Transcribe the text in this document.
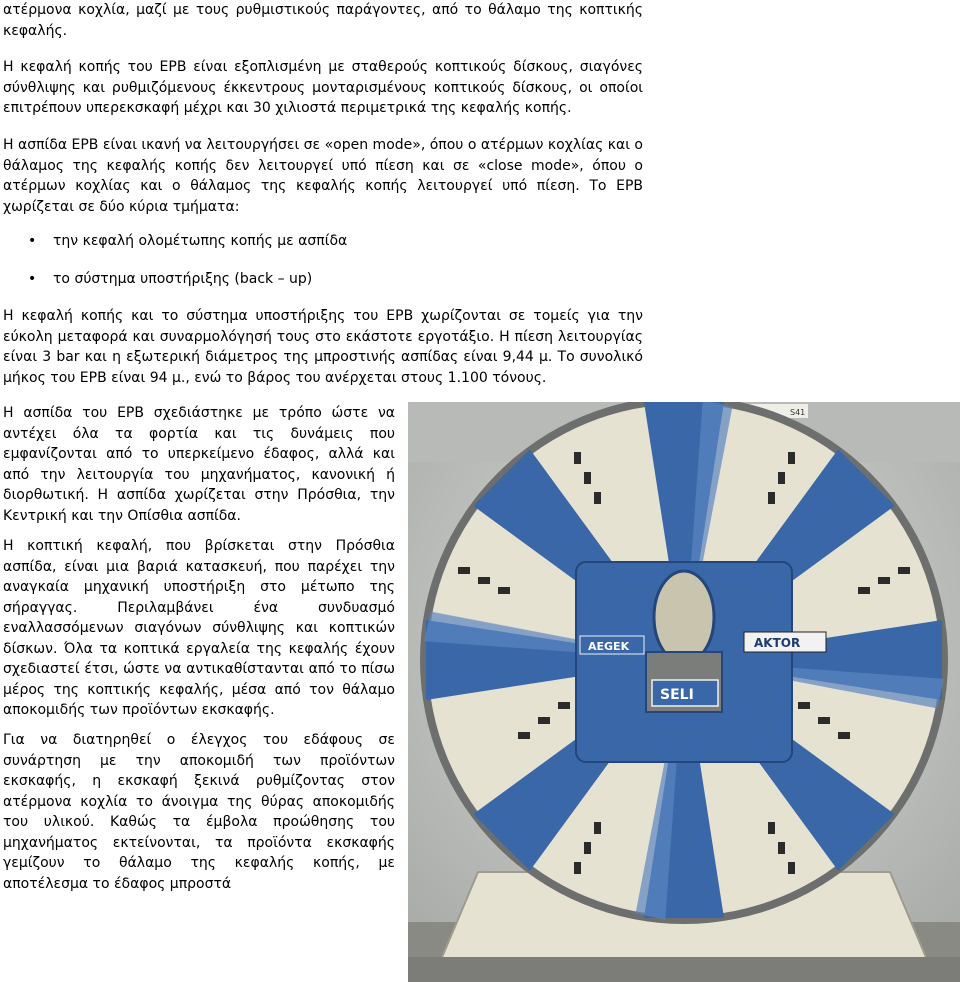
ατέρμονα κοχλία, μαζί με τους ρυθμιστικούς παράγοντες, από το θάλαμο της κοπτικής κεφαλής.

Η κεφαλή κοπής του EPB είναι εξοπλισμένη με σταθερούς κοπτικούς δίσκους, σιαγόνες σύνθλιψης και ρυθμιζόμενους έκκεντρους μονταρισμένους κοπτικούς δίσκους, οι οποίοι επιτρέπουν υπερεκσκαφή μέχρι και 30 χιλιοστά περιμετρικά της κεφαλής κοπής.

Η ασπίδα EPB είναι ικανή να λειτουργήσει σε «open mode», όπου ο ατέρμων κοχλίας και ο θάλαμος της κεφαλής κοπής δεν λειτουργεί υπό πίεση και σε «close mode», όπου ο ατέρμων κοχλίας και ο θάλαμος της κεφαλής κοπής λειτουργεί υπό πίεση. Το EPB χωρίζεται σε δύο κύρια τμήματα:

• την κεφαλή ολομέτωπης κοπής με ασπίδα
• το σύστημα υποστήριξης (back – up)

Η κεφαλή κοπής και το σύστημα υποστήριξης του EPB χωρίζονται σε τομείς για την εύκολη μεταφορά και συναρμολόγησή τους στο εκάστοτε εργοτάξιο. Η πίεση λειτουργίας είναι 3 bar και η εξωτερική διάμετρος της μπροστινής ασπίδας είναι 9,44 μ. Το συνολικό μήκος του EPB είναι 94 μ., ενώ το βάρος του ανέρχεται στους 1.100 τόνους.

Η ασπίδα του EPB σχεδιάστηκε με τρόπο ώστε να αντέχει όλα τα φορτία και τις δυνάμεις που εμφανίζονται από το υπερκείμενο έδαφος, αλλά και από την λειτουργία του μηχανήματος, κανονική ή διορθωτική. Η ασπίδα χωρίζεται στην Πρόσθια, την Κεντρική και την Οπίσθια ασπίδα.

Η κοπτική κεφαλή, που βρίσκεται στην Πρόσθια ασπίδα, είναι μια βαριά κατασκευή, που παρέχει την αναγκαία μηχανική υποστήριξη στο μέτωπο της σήραγγας. Περιλαμβάνει ένα συνδυασμό εναλλασσόμενων σιαγόνων σύνθλιψης και κοπτικών δίσκων. Όλα τα κοπτικά εργαλεία της κεφαλής έχουν σχεδιαστεί έτσι, ώστε να αντικαθίστανται από το πίσω μέρος της κοπτικής κεφαλής, μέσα από τον θάλαμο αποκομιδής των προϊόντων εκσκαφής.

Για να διατηρηθεί ο έλεγχος του εδάφους σε συνάρτηση με την αποκομιδή των προϊόντων εκσκαφής, η εκσκαφή ξεκινά ρυθμίζοντας στον ατέρμονα κοχλία το άνοιγμα της θύρας αποκομιδής του υλικού. Καθώς τα έμβολα προώθησης του μηχανήματος εκτείνονται, τα προϊόντα εκσκαφής γεμίζουν το θάλαμο της κεφαλής κοπής, με αποτέλεσμα το έδαφος μπροστά

S41
AEGEK	AKTOR
SELI
